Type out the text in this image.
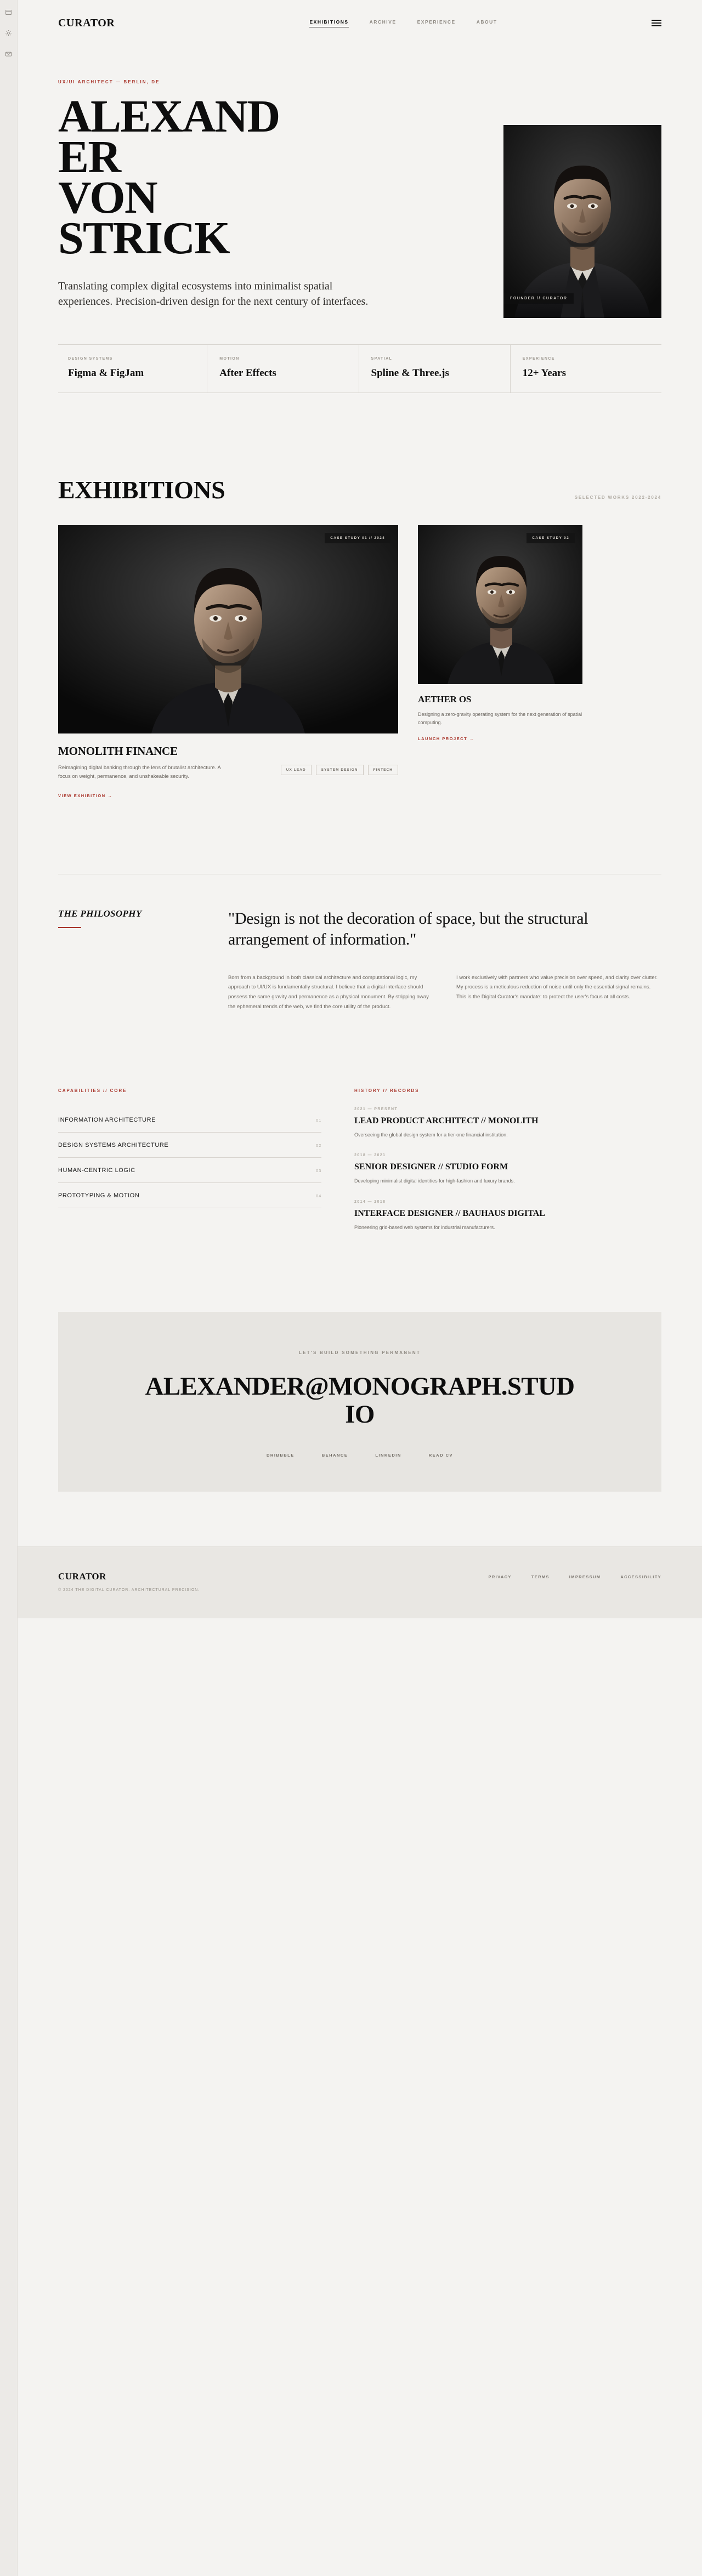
CURATOR	EXHIBITIONS	ARCHIVE	EXPERIENCE	ABOUT
UX/UI ARCHITECT — BERLIN, DE
ALEXAND
ER
VON
STRICK

Translating complex digital ecosystems into minimalist spatial experiences. Precision-driven design for the next century of interfaces.	FOUNDER // CURATOR
DESIGN SYSTEMS
Figma & FigJam
MOTION
After Effects
SPATIAL
Spline & Three.js
EXPERIENCE
12+ Years
EXHIBITIONS	SELECTED WORKS 2022-2024
CASE STUDY 01 // 2024
MONOLITH FINANCE
Reimagining digital banking through the lens of brutalist architecture. A focus on weight, permanence, and unshakeable security.
VIEW EXHIBITION →
UX LEAD	SYSTEM DESIGN	FINTECH
CASE STUDY 02
AETHER OS
Designing a zero-gravity operating system for the next generation of spatial computing.
LAUNCH PROJECT →
THE PHILOSOPHY	"Design is not the decoration of space, but the structural arrangement of information."
Born from a background in both classical architecture and computational logic, my approach to UI/UX is fundamentally structural. I believe that a digital interface should possess the same gravity and permanence as a physical monument. By stripping away the ephemeral trends of the web, we find the core utility of the product.
I work exclusively with partners who value precision over speed, and clarity over clutter. My process is a meticulous reduction of noise until only the essential signal remains. This is the Digital Curator's mandate: to protect the user's focus at all costs.
CAPABILITIES // CORE
INFORMATION ARCHITECTURE	01
DESIGN SYSTEMS ARCHITECTURE	02
HUMAN-CENTRIC LOGIC	03
PROTOTYPING & MOTION	04
HISTORY // RECORDS
2021 — PRESENT
LEAD PRODUCT ARCHITECT // MONOLITH
Overseeing the global design system for a tier-one financial institution.
2018 — 2021
SENIOR DESIGNER // STUDIO FORM
Developing minimalist digital identities for high-fashion and luxury brands.
2014 — 2018
INTERFACE DESIGNER // BAUHAUS DIGITAL
Pioneering grid-based web systems for industrial manufacturers.
LET'S BUILD SOMETHING PERMANENT
ALEXANDER@MONOGRAPH.STUDIO
DRIBBBLE	BEHANCE	LINKEDIN	READ CV
CURATOR
© 2024 THE DIGITAL CURATOR. ARCHITECTURAL PRECISION.
PRIVACY	TERMS	IMPRESSUM	ACCESSIBILITY
